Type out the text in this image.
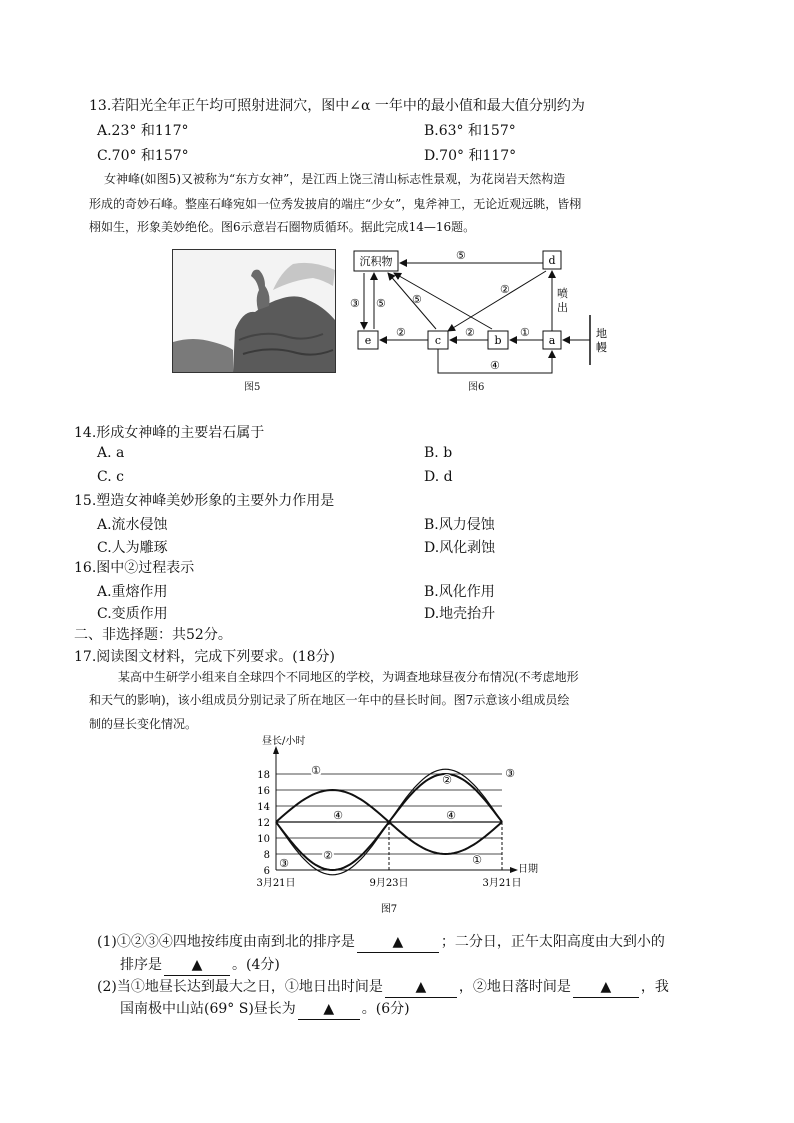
13.若阳光全年正午均可照射进洞穴，图中∠α 一年中的最小值和最大值分别约为
A.23° 和117°	B.63° 和157°
C.70° 和157°	D.70° 和117°
女神峰(如图5)又被称为“东方女神”，是江西上饶三清山标志性景观，为花岗岩天然构造
形成的奇妙石峰。整座石峰宛如一位秀发披肩的端庄“少女”，鬼斧神工，无论近观远眺，皆栩
栩如生，形象美妙绝伦。图6示意岩石圈物质循环。据此完成14—16题。
图5
沉积物	d
e	c	b	a
地
幔
⑤
喷
出
①
②
②
③ ⑤ ⑤
②
④
图6
14.形成女神峰的主要岩石属于
A. a	B. b
C. c	D. d
15.塑造女神峰美妙形象的主要外力作用是
A.流水侵蚀	B.风力侵蚀
C.人为雕琢	D.风化剥蚀
16.图中②过程表示
A.重熔作用	B.风化作用
C.变质作用	D.地壳抬升
二、非选择题：共52分。
17.阅读图文材料，完成下列要求。(18分)
某高中生研学小组来自全球四个不同地区的学校，为调查地球昼夜分布情况(不考虑地形
和天气的影响)，该小组成员分别记录了所在地区一年中的昼长时间。图7示意该小组成员绘
制的昼长变化情况。
6
8
10
12
14
16
18
3月21日	9月23日	3月21日
昼长/小时
日期
①
③
②
④	④
②
①
③
图7
(1)①②③④四地按纬度由南到北的排序是	▲	；二分日，正午太阳高度由大到小的
排序是 ▲ 。(4分)
(2)当①地昼长达到最大之日，①地日出时间是 ▲ ，②地日落时间是 ▲ ，我
国南极中山站(69° S)昼长为 ▲ 。(6分)
